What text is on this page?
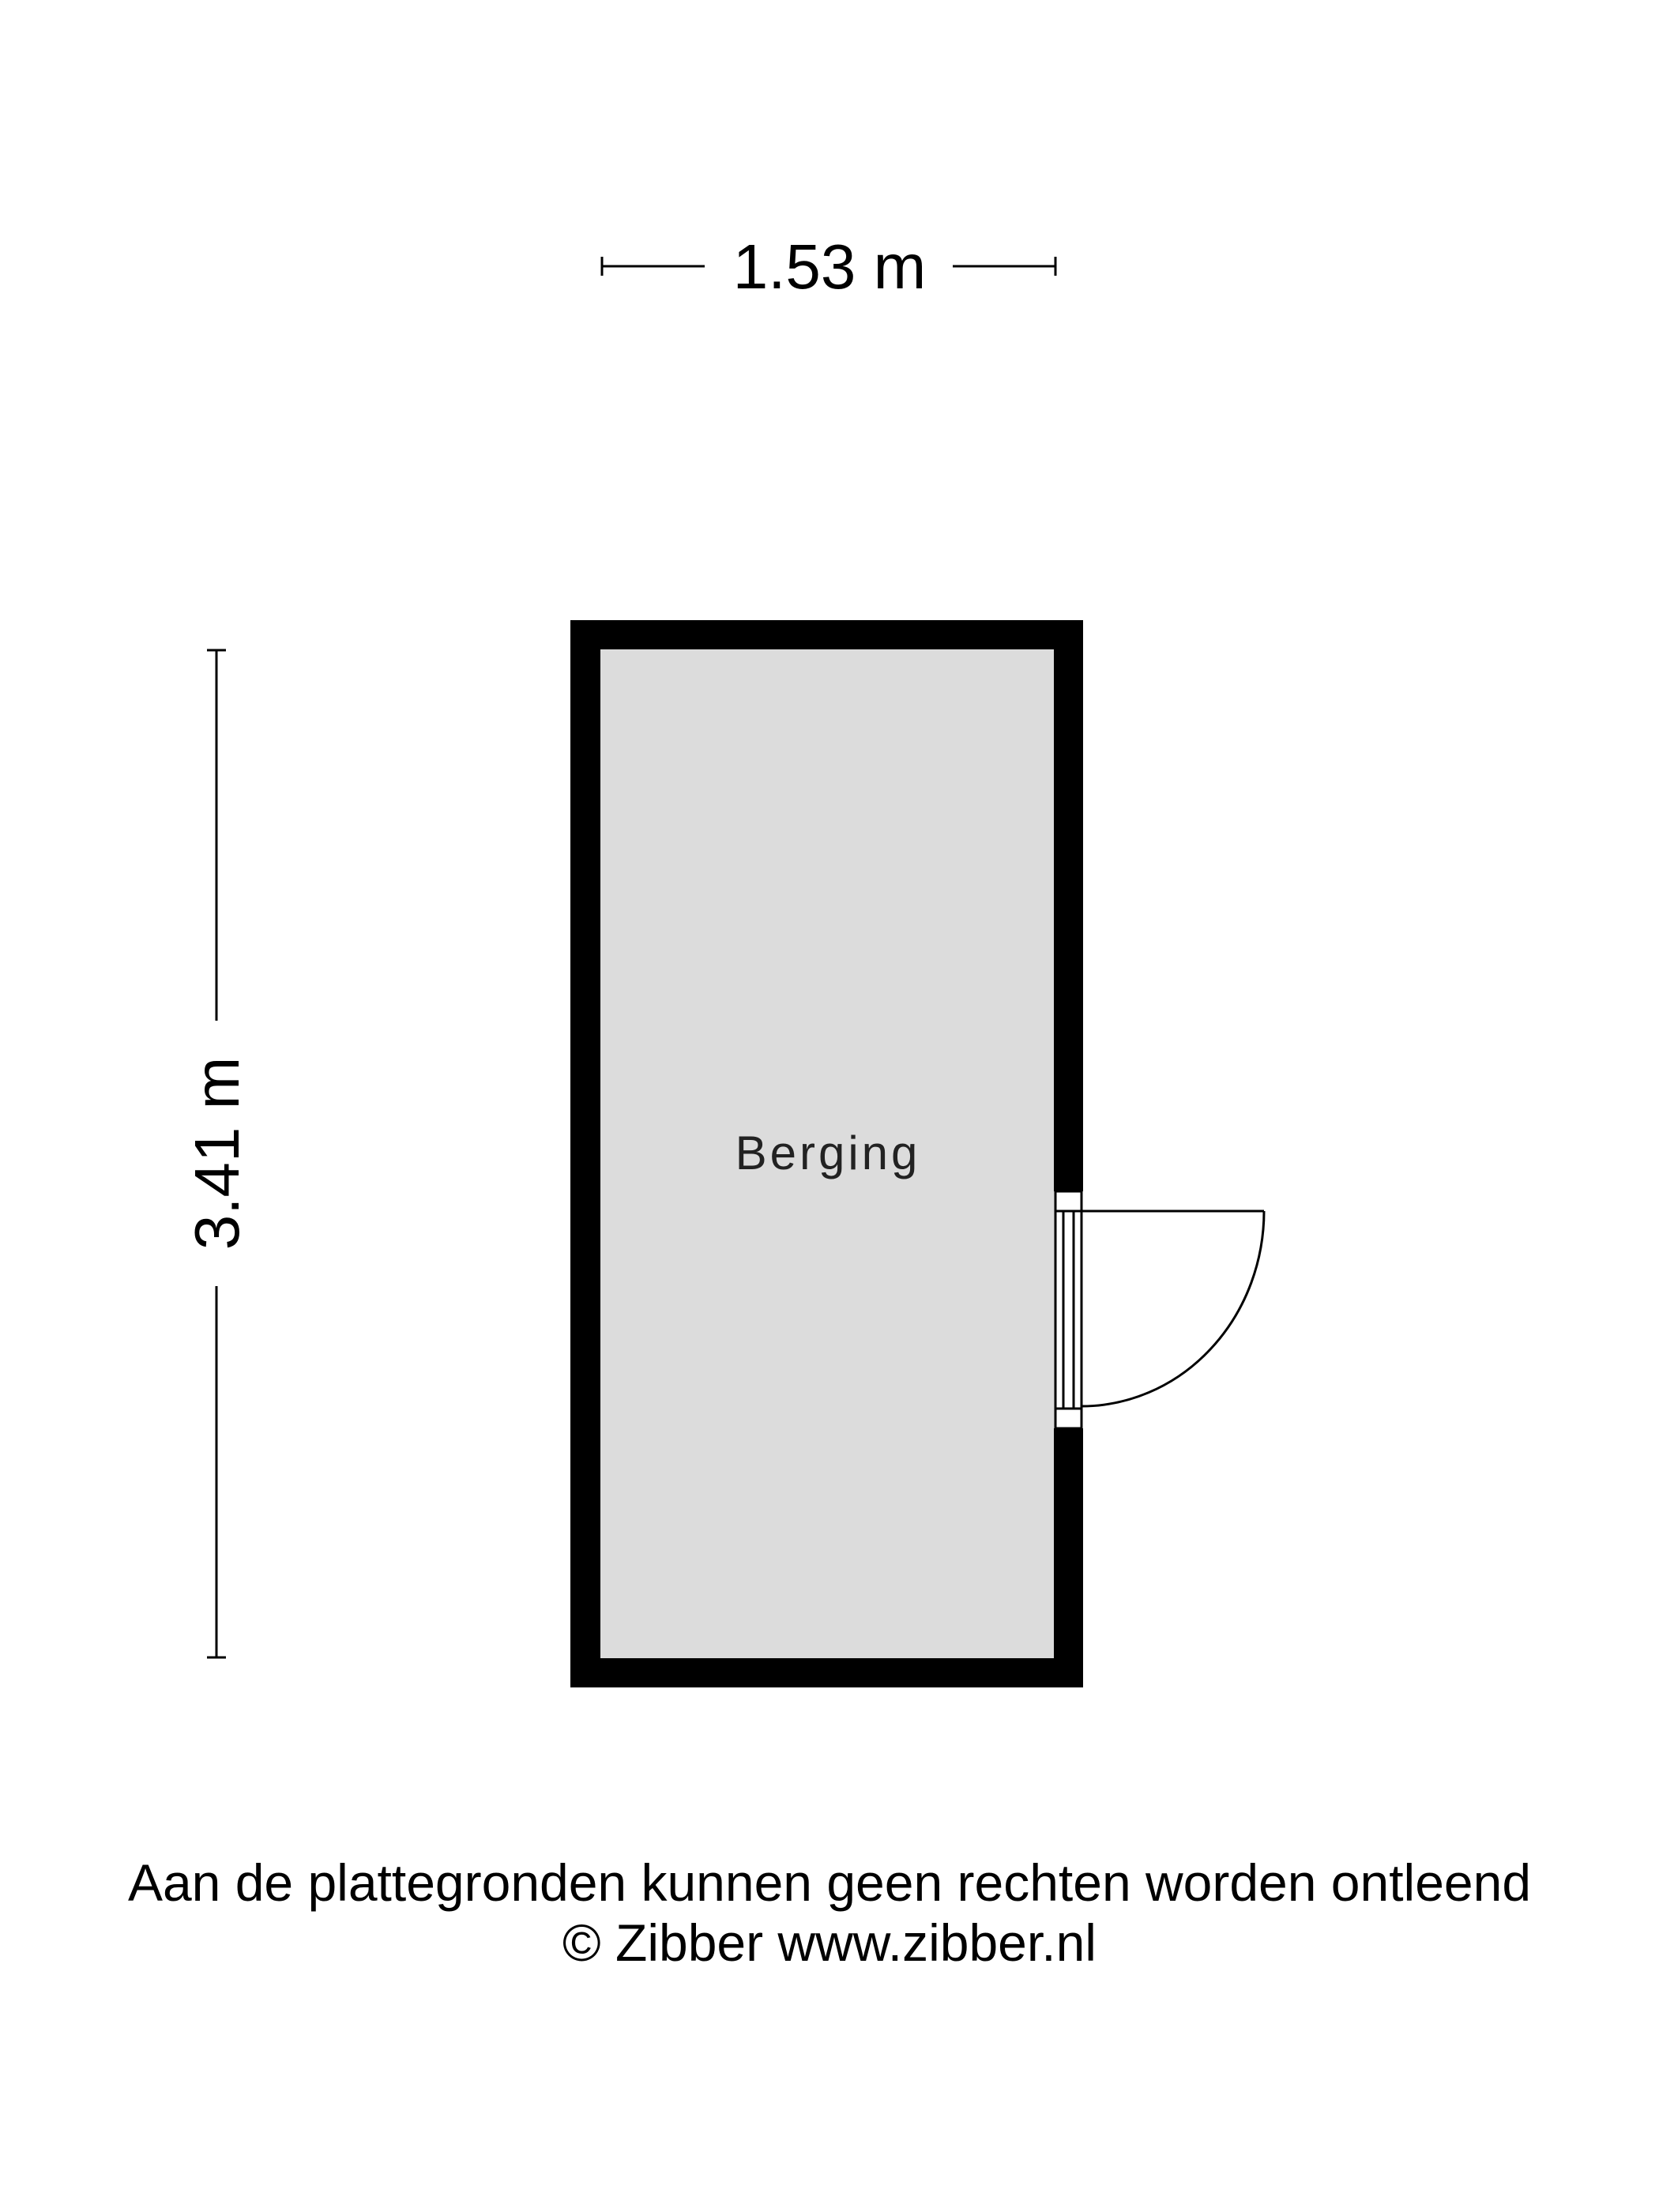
1.53 m
3.41 m	Berging
Aan de plattegronden kunnen geen rechten worden ontleend
© Zibber www.zibber.nl
